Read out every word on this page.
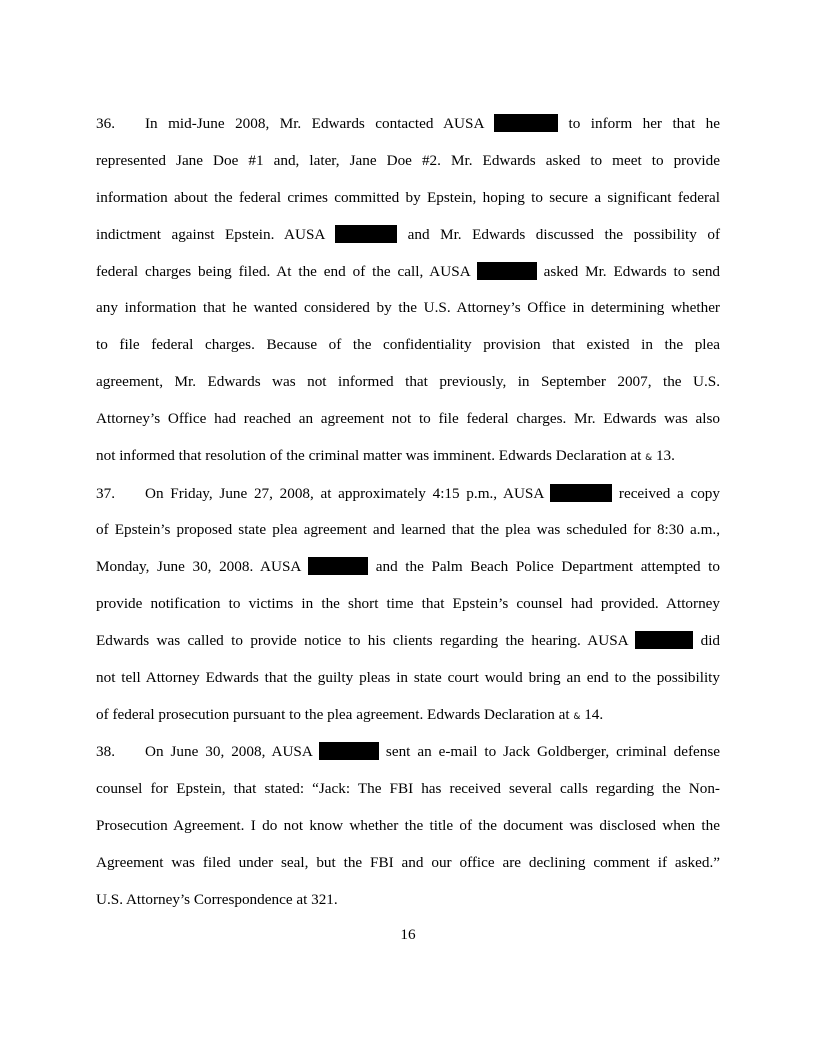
36. In mid-June 2008, Mr. Edwards contacted AUSA	to inform her that he
represented Jane Doe #1 and, later, Jane Doe #2. Mr. Edwards asked to meet to provide
information about the federal crimes committed by Epstein, hoping to secure a significant federal
indictment against Epstein. AUSA	and Mr. Edwards discussed the possibility of
federal charges being filed. At the end of the call, AUSA	asked Mr. Edwards to send
any information that he wanted considered by the U.S. Attorney’s Office in determining whether
to file federal charges. Because of the confidentiality provision that existed in the plea
agreement, Mr. Edwards was not informed that previously, in September 2007, the U.S.
Attorney’s Office had reached an agreement not to file federal charges. Mr. Edwards was also
not informed that resolution of the criminal matter was imminent. Edwards Declaration at & 13.
37. On Friday, June 27, 2008, at approximately 4:15 p.m., AUSA	received a copy
of Epstein’s proposed state plea agreement and learned that the plea was scheduled for 8:30 a.m.,
Monday, June 30, 2008. AUSA	and the Palm Beach Police Department attempted to
provide notification to victims in the short time that Epstein’s counsel had provided. Attorney
Edwards was called to provide notice to his clients regarding the hearing. AUSA	did
not tell Attorney Edwards that the guilty pleas in state court would bring an end to the possibility
of federal prosecution pursuant to the plea agreement. Edwards Declaration at & 14.
38. On June 30, 2008, AUSA	sent an e-mail to Jack Goldberger, criminal defense
counsel for Epstein, that stated: “Jack: The FBI has received several calls regarding the Non-
Prosecution Agreement. I do not know whether the title of the document was disclosed when the
Agreement was filed under seal, but the FBI and our office are declining comment if asked.”
U.S. Attorney’s Correspondence at 321.
16
